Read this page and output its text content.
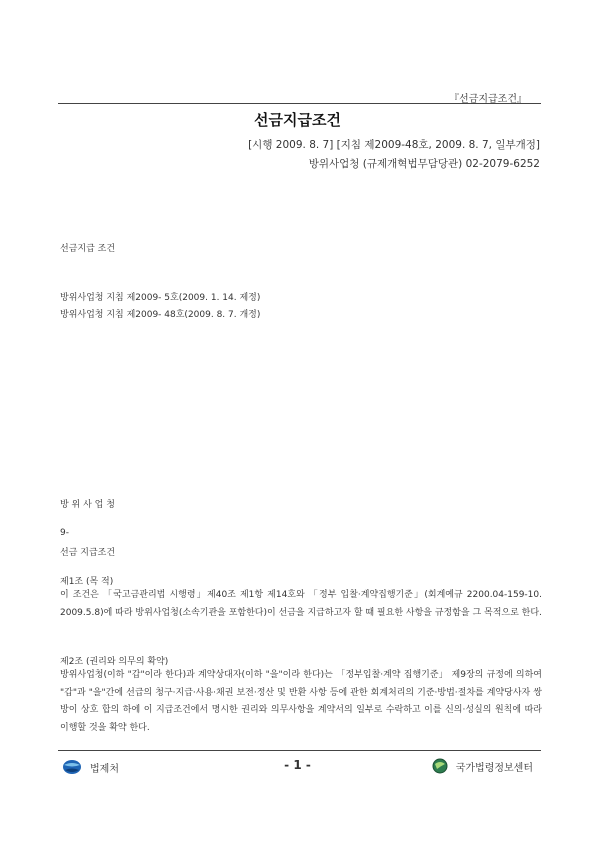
『선금지급조건』
선금지급조건
[시행 2009. 8. 7] [지침 제2009-48호, 2009. 8. 7, 일부개정]
방위사업청 (규제개혁법무담당관) 02-2079-6252
선금지급 조건
방위사업청 지침 제2009- 5호(2009. 1. 14. 제정)
방위사업청 지침 제2009- 48호(2009. 8. 7. 개정)
방 위 사 업 청
9-
선금 지급조건
제1조 (목 적)
이 조건은 「국고금관리법 시행령」제40조 제1항 제14호와 「정부 입찰·계약집행기준」(회계예규 2200.04-159-10. 2009.5.8)에 따라 방위사업청(소속기관을 포함한다)이 선금을 지급하고자 할 때 필요한 사항을 규정함을 그 목적으로 한다.
제2조 (권리와 의무의 확약)
방위사업청(이하 "갑"이라 한다)과 계약상대자(이하 "을"이라 한다)는 「정부입찰·계약 집행기준」 제9장의 규정에 의하여 "갑"과 "을"간에 선급의 청구·지급·사용·채권 보전·정산 및 반환 사항 등에 관한 회계처리의 기준·방법·절차를 계약당사자 쌍방이 상호 합의 하에 이 지급조건에서 명시한 권리와 의무사항을 계약서의 일부로 수락하고 이를 신의·성실의 원칙에 따라 이행할 것을 확약 한다.
법제처	- 1 -	국가법령정보센터
